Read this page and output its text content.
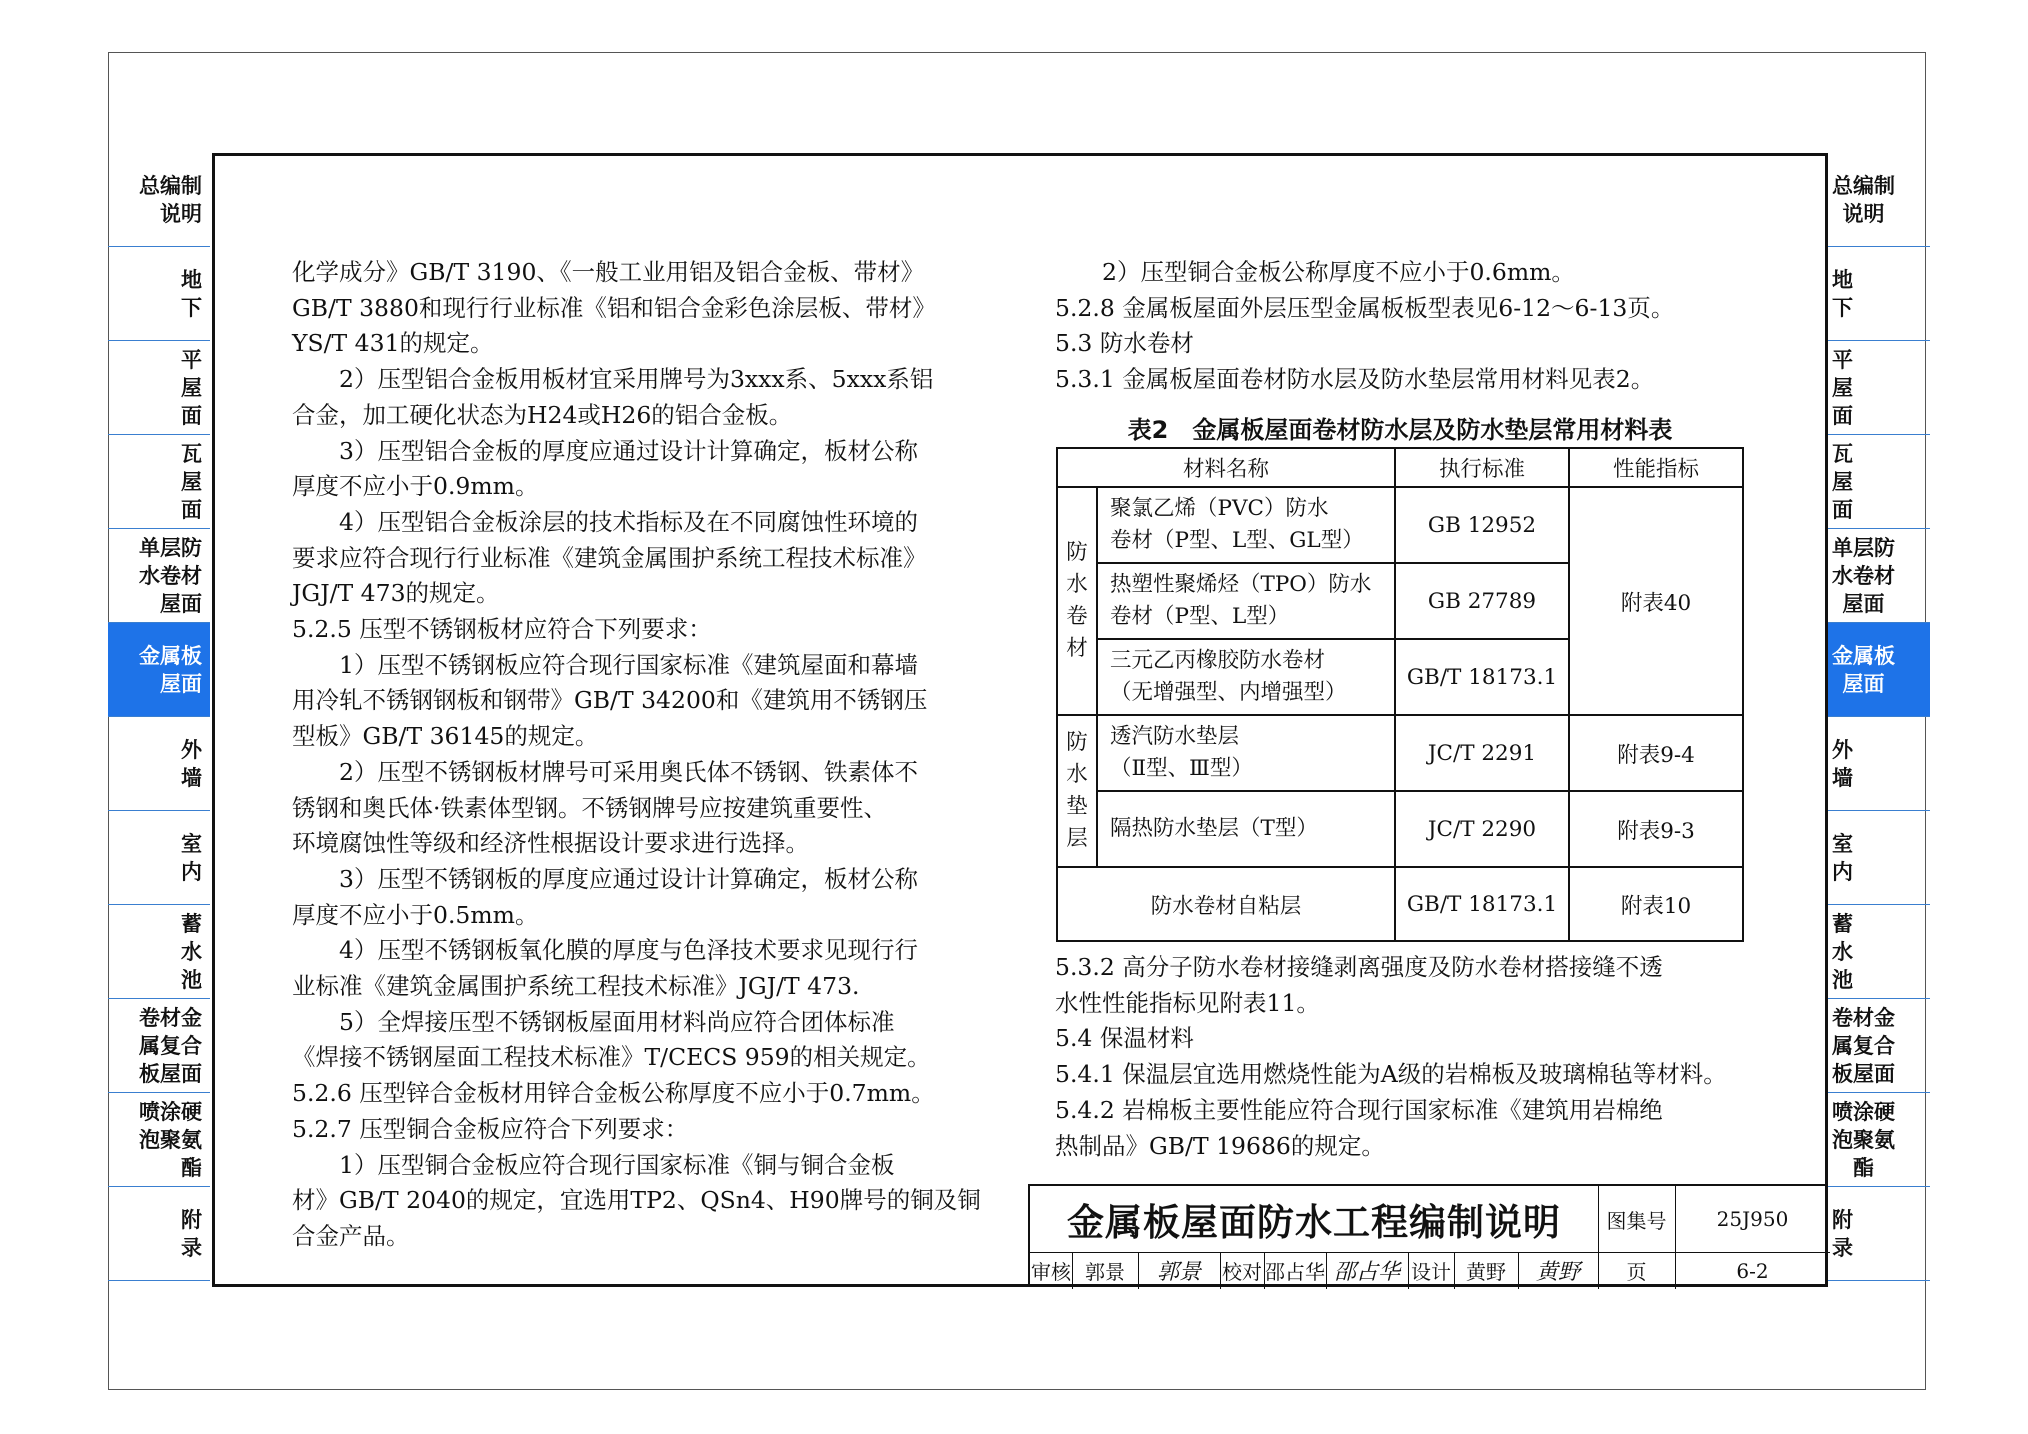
总编制
说明
地
下
平
屋
面
瓦
屋
面
单层防
水卷材
屋面
金属板
屋面
外
墙
室
内
蓄
水
池
卷材金
属复合
板屋面
喷涂硬
泡聚氨
酯
附
录
总编制
说明
地
下
平
屋
面
瓦
屋
面
单层防
水卷材
屋面
金属板
屋面
外
墙
室
内
蓄
水
池
卷材金
属复合
板屋面
喷涂硬
泡聚氨
酯
附
录

化学成分》GB/T 3190、《一般工业用铝及铝合金板、带材》

GB/T 3880和现行行业标准《铝和铝合金彩色涂层板、带材》

YS/T 431的规定。

　　2）压型铝合金板用板材宜采用牌号为3xxx系、5xxx系铝

合金，加工硬化状态为H24或H26的铝合金板。

　　3）压型铝合金板的厚度应通过设计计算确定，板材公称

厚度不应小于0.9mm。

　　4）压型铝合金板涂层的技术指标及在不同腐蚀性环境的

要求应符合现行行业标准《建筑金属围护系统工程技术标准》

JGJ/T 473的规定。

5.2.5 压型不锈钢板材应符合下列要求：

　　1）压型不锈钢板应符合现行国家标准《建筑屋面和幕墙

用冷轧不锈钢钢板和钢带》GB/T 34200和《建筑用不锈钢压

型板》GB/T 36145的规定。

　　2）压型不锈钢板材牌号可采用奥氏体不锈钢、铁素体不

锈钢和奥氏体·铁素体型钢。不锈钢牌号应按建筑重要性、

环境腐蚀性等级和经济性根据设计要求进行选择。

　　3）压型不锈钢板的厚度应通过设计计算确定，板材公称

厚度不应小于0.5mm。

　　4）压型不锈钢板氧化膜的厚度与色泽技术要求见现行行

业标准《建筑金属围护系统工程技术标准》JGJ/T 473.

　　5）全焊接压型不锈钢板屋面用材料尚应符合团体标准

《焊接不锈钢屋面工程技术标准》T/CECS 959的相关规定。

5.2.6 压型锌合金板材用锌合金板公称厚度不应小于0.7mm。

5.2.7 压型铜合金板应符合下列要求：

　　1）压型铜合金板应符合现行国家标准《铜与铜合金板

材》GB/T 2040的规定，宜选用TP2、QSn4、H90牌号的铜及铜

合金产品。

　　2）压型铜合金板公称厚度不应小于0.6mm。

5.2.8 金属板屋面外层压型金属板板型表见6-12～6-13页。

5.3 防水卷材

5.3.1 金属板屋面卷材防水层及防水垫层常用材料见表2。

表2　金属板屋面卷材防水层及防水垫层常用材料表
材料名称		执行标准	性能指标
防
水
卷
材	聚氯乙烯（PVC）防水
卷材（P型、L型、GL型）	GB 12952	附表40
	热塑性聚烯烃（TPO）防水
卷材（P型、L型）	GB 27789	
	三元乙丙橡胶防水卷材
（无增强型、内增强型）	GB/T 18173.1	
防
水
垫
层	透汽防水垫层
（Ⅱ型、Ⅲ型）	JC/T 2291	附表9-4
	隔热防水垫层（T型）	JC/T 2290	附表9-3
防水卷材自粘层		GB/T 18173.1	附表10

5.3.2 高分子防水卷材接缝剥离强度及防水卷材搭接缝不透

水性性能指标见附表11。

5.4 保温材料

5.4.1 保温层宜选用燃烧性能为A级的岩棉板及玻璃棉毡等材料。

5.4.2 岩棉板主要性能应符合现行国家标准《建筑用岩棉绝

热制品》GB/T 19686的规定。

金属板屋面防水工程编制说明	图集号	25J950
审核 郭景	郭景	校对 邵占华 邵占华 设计 黄野	黄野	页	6-2
